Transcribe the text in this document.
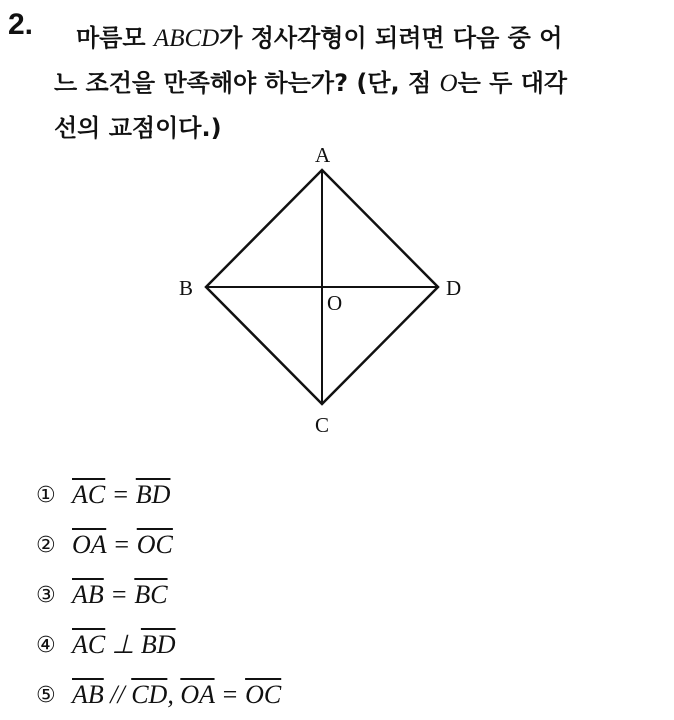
2. 마름모 ABCD가 정사각형이 되려면 다음 중 어
느 조건을 만족해야 하는가? (단, 점 O는 두 대각
선의 교점이다.)
A
B
C
D
O
① $\overline{AC} = \overline{BD}$
② $\overline{OA} = \overline{OC}$
③ $\overline{AB} = \overline{BC}$
④ $\overline{AC}$ ⊥ $\overline{BD}$
⑤ $\overline{AB} // \overline{CD}$, $\overline{OA} = \overline{OC}$
